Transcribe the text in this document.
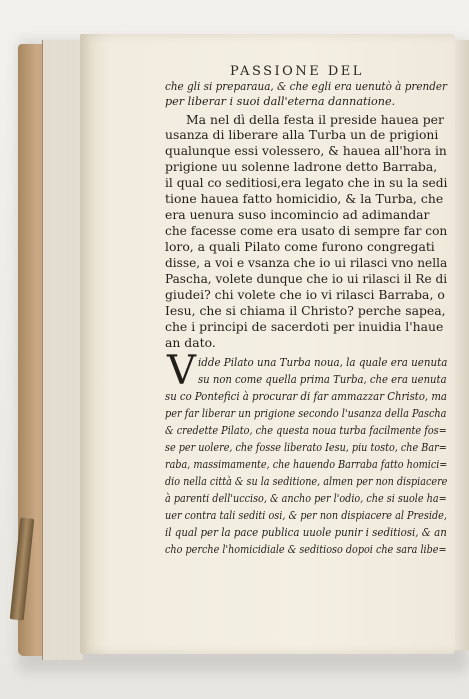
PASSIONE DEL
che gli si preparaua, & che egli era uenutò à prender
per liberar i suoi dall'eterna dannatione.
Ma nel dì della festa il preside hauea per
usanza di liberare alla Turba un de prigioni
qualunque essi volessero, & hauea all'hora in
prigione uu solenne ladrone detto Barraba,
il qual co seditiosi,era legato che in su la sedi
tione hauea fatto homicidio, & la Turba, che
era uenura suso incomincio ad adimandar
che facesse come era usato di sempre far con
loro, a quali Pilato come furono congregati
disse, a voi e vsanza che io ui rilasci vno nella
Pascha, volete dunque che io ui rilasci il Re di
giudei? chi volete che io vi rilasci Barraba, o
Iesu, che si chiama il Christo? perche sapea,
che i principi de sacerdoti per inuidia l'haue
an dato.
V idde Pilato una Turba noua, la quale era uenuta
su non come quella prima Turba, che era uenuta
su co Pontefici à procurar di far ammazzar Christo, ma
per far liberar un prigione secondo l'usanza della Pascha
& credette Pilato, che questa noua turba facilmente fos=
se per uolere, che fosse liberato Iesu, piu tosto, che Bar=
raba, massimamente, che hauendo Barraba fatto homici=
dio nella città & su la seditione, almen per non dispiacere
à parenti dell'ucciso, & ancho per l'odio, che si suole ha=
uer contra tali sediti osi, & per non dispiacere al Preside,
il qual per la pace publica uuole punir i seditiosi, & an
cho perche l'homicidiale & seditioso dopoi che sara libe=
